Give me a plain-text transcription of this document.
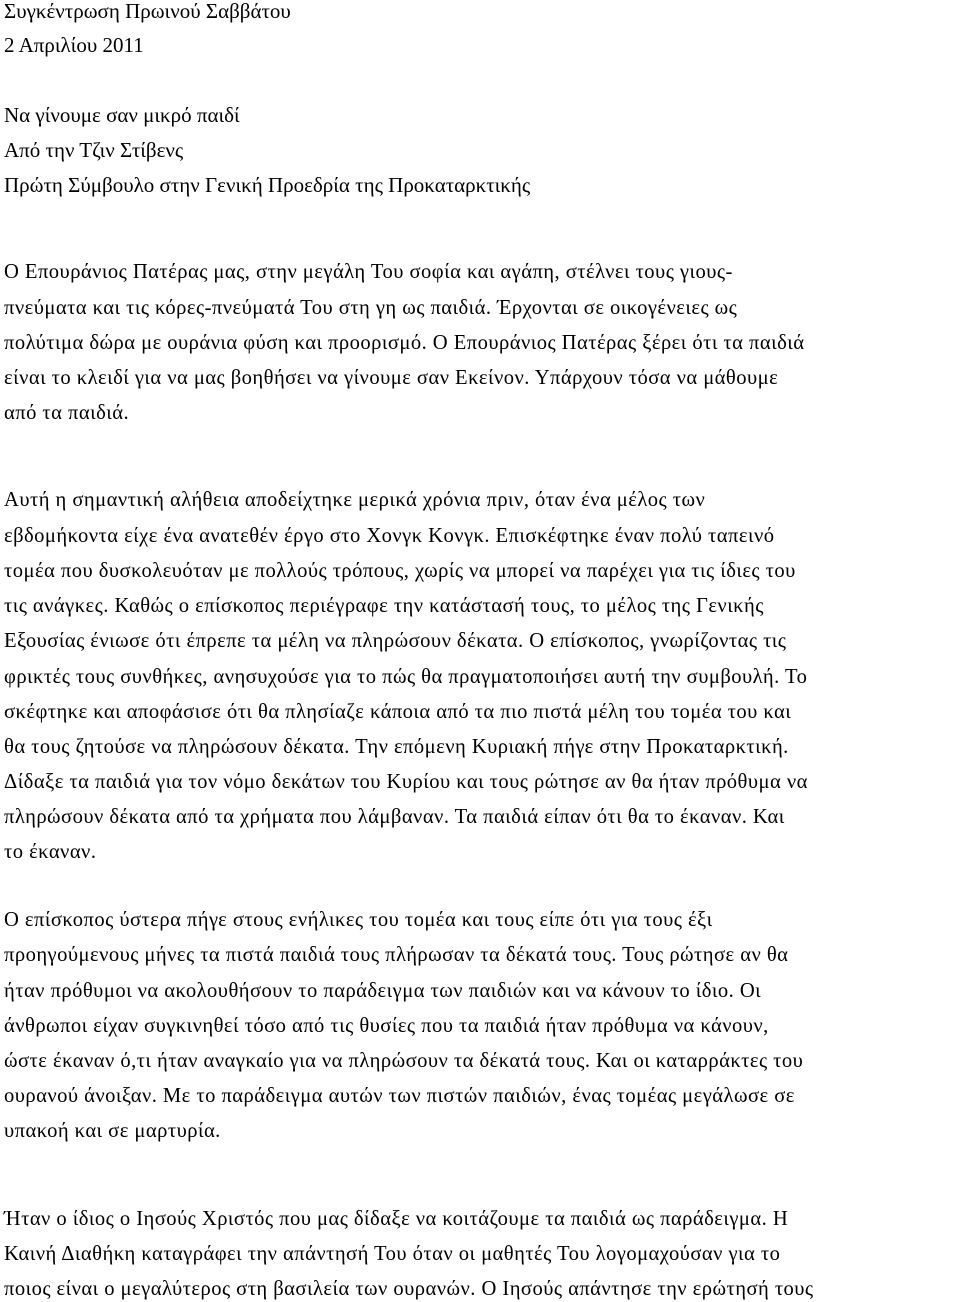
Συγκέντρωση Πρωινού Σαββάτου
2 Απριλίου 2011
Να γίνουμε σαν μικρό παιδί
Από την Τζιν Στίβενς
Πρώτη Σύμβουλο στην Γενική Προεδρία της Προκαταρκτικής
Ο Επουράνιος Πατέρας μας, στην μεγάλη Του σοφία και αγάπη, στέλνει τους γιους-
πνεύματα και τις κόρες-πνεύματά Του στη γη ως παιδιά. Έρχονται σε οικογένειες ως
πολύτιμα δώρα με ουράνια φύση και προορισμό. Ο Επουράνιος Πατέρας ξέρει ότι τα παιδιά
είναι το κλειδί για να μας βοηθήσει να γίνουμε σαν Εκείνον. Υπάρχουν τόσα να μάθουμε
από τα παιδιά.
Αυτή η σημαντική αλήθεια αποδείχτηκε μερικά χρόνια πριν, όταν ένα μέλος των
εβδομήκοντα είχε ένα ανατεθέν έργο στο Χονγκ Κονγκ. Επισκέφτηκε έναν πολύ ταπεινό
τομέα που δυσκολευόταν με πολλούς τρόπους, χωρίς να μπορεί να παρέχει για τις ίδιες του
τις ανάγκες. Καθώς ο επίσκοπος περιέγραφε την κατάστασή τους, το μέλος της Γενικής
Εξουσίας ένιωσε ότι έπρεπε τα μέλη να πληρώσουν δέκατα. Ο επίσκοπος, γνωρίζοντας τις
φρικτές τους συνθήκες, ανησυχούσε για το πώς θα πραγματοποιήσει αυτή την συμβουλή. Το
σκέφτηκε και αποφάσισε ότι θα πλησίαζε κάποια από τα πιο πιστά μέλη του τομέα του και
θα τους ζητούσε να πληρώσουν δέκατα. Την επόμενη Κυριακή πήγε στην Προκαταρκτική.
Δίδαξε τα παιδιά για τον νόμο δεκάτων του Κυρίου και τους ρώτησε αν θα ήταν πρόθυμα να
πληρώσουν δέκατα από τα χρήματα που λάμβαναν. Τα παιδιά είπαν ότι θα το έκαναν. Και
το έκαναν.
Ο επίσκοπος ύστερα πήγε στους ενήλικες του τομέα και τους είπε ότι για τους έξι
προηγούμενους μήνες τα πιστά παιδιά τους πλήρωσαν τα δέκατά τους. Τους ρώτησε αν θα
ήταν πρόθυμοι να ακολουθήσουν το παράδειγμα των παιδιών και να κάνουν το ίδιο. Οι
άνθρωποι είχαν συγκινηθεί τόσο από τις θυσίες που τα παιδιά ήταν πρόθυμα να κάνουν,
ώστε έκαναν ό,τι ήταν αναγκαίο για να πληρώσουν τα δέκατά τους. Και οι καταρράκτες του
ουρανού άνοιξαν. Με το παράδειγμα αυτών των πιστών παιδιών, ένας τομέας μεγάλωσε σε
υπακοή και σε μαρτυρία.
Ήταν ο ίδιος ο Ιησούς Χριστός που μας δίδαξε να κοιτάζουμε τα παιδιά ως παράδειγμα. Η
Καινή Διαθήκη καταγράφει την απάντησή Του όταν οι μαθητές Του λογομαχούσαν για το
ποιος είναι ο μεγαλύτερος στη βασιλεία των ουρανών. Ο Ιησούς απάντησε την ερώτησή τους
